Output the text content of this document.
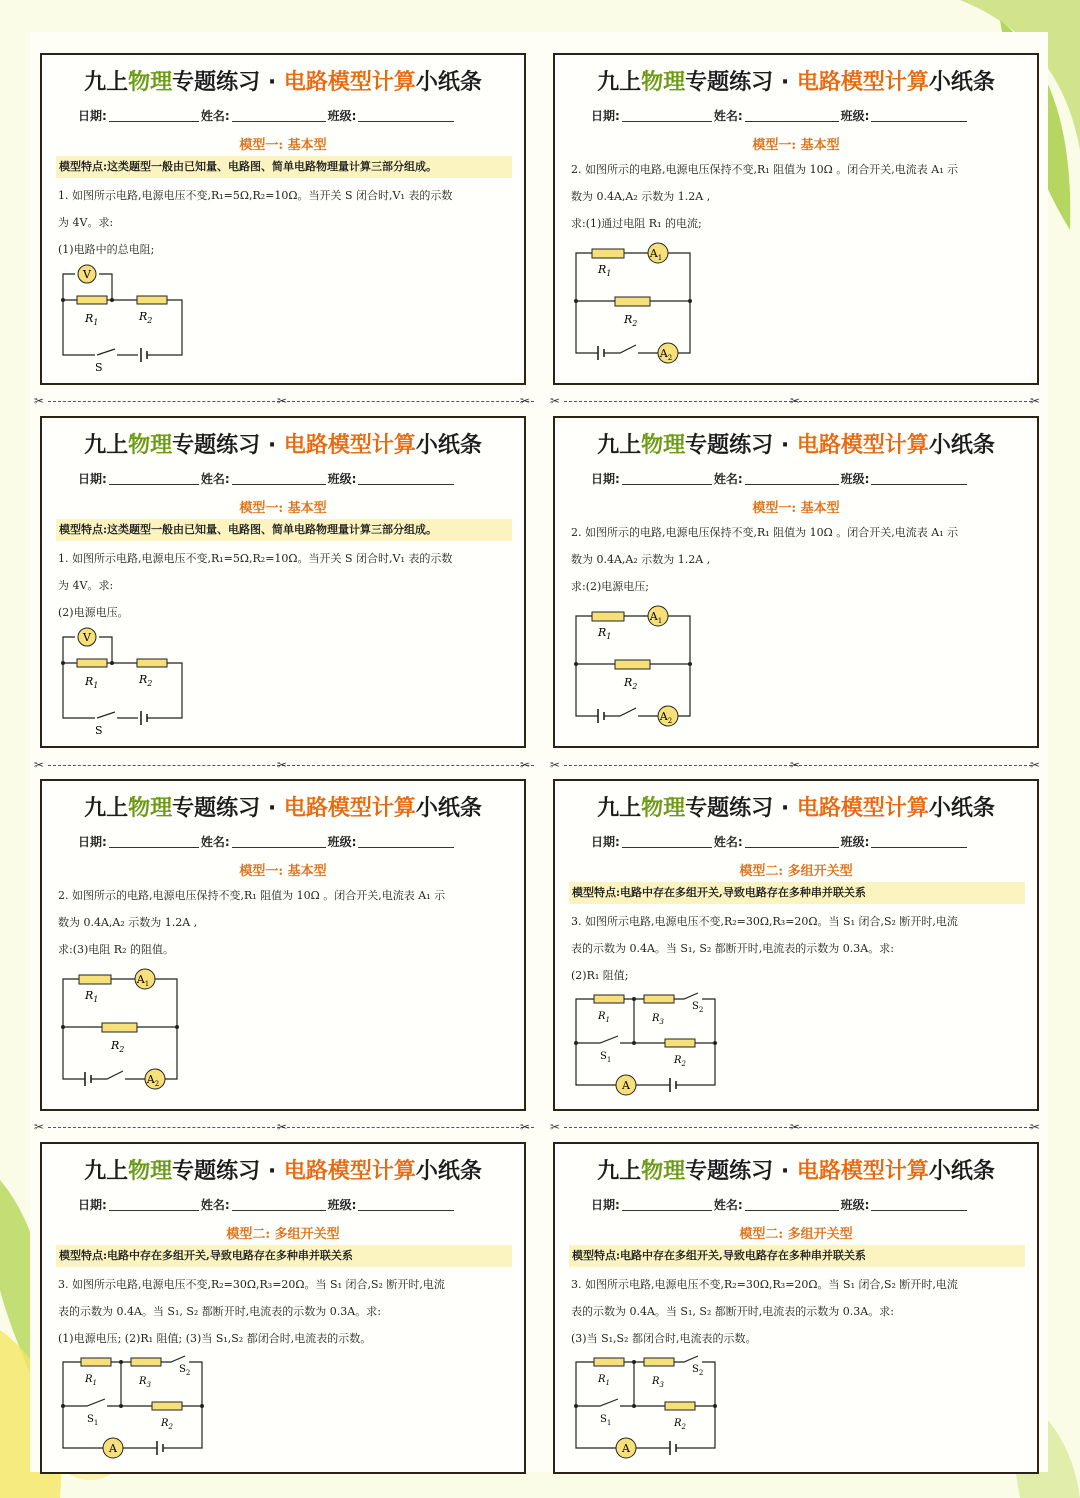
九上物理专题练习 · 电路模型计算小纸条
日期:	姓名:	班级:
模型一: 基本型
模型特点:这类题型一般由已知量、电路图、简单电路物理量计算三部分组成。
1. 如图所示电路,电源电压不变,R₁=5Ω,R₂=10Ω。当开关 S 闭合时,V₁ 表的示数
为 4V。求:
(1)电路中的总电阻;
V
$R_1$	$R_2$
S
九上物理专题练习 · 电路模型计算小纸条
日期:	姓名:	班级:
模型一: 基本型
2. 如图所示的电路,电源电压保持不变,R₁ 阻值为 10Ω 。闭合开关,电流表 A₁ 示
数为 0.4A,A₂ 示数为 1.2A ,
求:(1)通过电阻 R₁ 的电流;
$A_1$
$A_2$
$R_1$
$R_2$
九上物理专题练习 · 电路模型计算小纸条
日期:	姓名:	班级:
模型一: 基本型
模型特点:这类题型一般由已知量、电路图、简单电路物理量计算三部分组成。
1. 如图所示电路,电源电压不变,R₁=5Ω,R₂=10Ω。当开关 S 闭合时,V₁ 表的示数
为 4V。求:
(2)电源电压。
V
$R_1$	$R_2$
S
九上物理专题练习 · 电路模型计算小纸条
日期:	姓名:	班级:
模型一: 基本型
2. 如图所示的电路,电源电压保持不变,R₁ 阻值为 10Ω 。闭合开关,电流表 A₁ 示
数为 0.4A,A₂ 示数为 1.2A ,
求:(2)电源电压;
$A_1$
$A_2$
$R_1$
$R_2$
九上物理专题练习 · 电路模型计算小纸条
日期:	姓名:	班级:
模型一: 基本型
2. 如图所示的电路,电源电压保持不变,R₁ 阻值为 10Ω 。闭合开关,电流表 A₁ 示
数为 0.4A,A₂ 示数为 1.2A ,
求:(3)电阻 R₂ 的阻值。
$A_1$
$A_2$
$R_1$
$R_2$
九上物理专题练习 · 电路模型计算小纸条
日期:	姓名:	班级:
模型二: 多组开关型
模型特点:电路中存在多组开关,导致电路存在多种串并联关系
3. 如图所示电路,电源电压不变,R₂=30Ω,R₃=20Ω。当 S₁ 闭合,S₂ 断开时,电流
表的示数为 0.4A。当 S₁, S₂ 都断开时,电流表的示数为 0.3A。求:
(2)R₁ 阻值;
A
$R_1$	$R_3$
$S_2$
$S_1$	$R_2$
九上物理专题练习 · 电路模型计算小纸条
日期:	姓名:	班级:
模型二: 多组开关型
模型特点:电路中存在多组开关,导致电路存在多种串并联关系
3. 如图所示电路,电源电压不变,R₂=30Ω,R₃=20Ω。当 S₁ 闭合,S₂ 断开时,电流
表的示数为 0.4A。当 S₁, S₂ 都断开时,电流表的示数为 0.3A。求:
(1)电源电压; (2)R₁ 阻值; (3)当 S₁,S₂ 都闭合时,电流表的示数。
A
$R_1$	$R_3$
$S_2$
$S_1$	$R_2$
九上物理专题练习 · 电路模型计算小纸条
日期:	姓名:	班级:
模型二: 多组开关型
模型特点:电路中存在多组开关,导致电路存在多种串并联关系
3. 如图所示电路,电源电压不变,R₂=30Ω,R₃=20Ω。当 S₁ 闭合,S₂ 断开时,电流
表的示数为 0.4A。当 S₁, S₂ 都断开时,电流表的示数为 0.3A。求:
(3)当 S₁,S₂ 都闭合时,电流表的示数。
A
$R_1$	$R_3$
$S_2$
$S_1$	$R_2$
✂	✂	✂ ✂	✂	✂
✂	✂	✂ ✂	✂	✂
✂	✂	✂ ✂	✂	✂
